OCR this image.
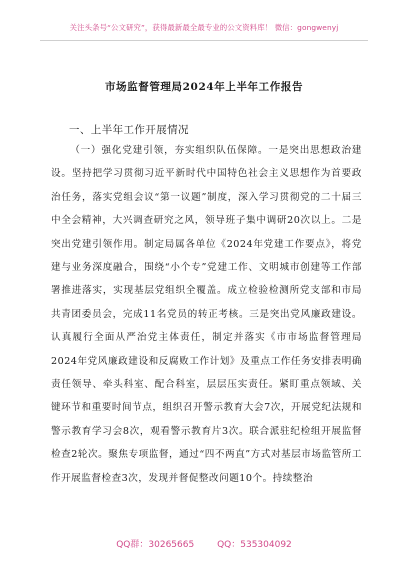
关注头条号“公文研究”，获得最新最全最专业的公文资料库！ 微信：gongwenyj
市场监督管理局2024年上半年工作报告
一、上半年工作开展情况
（一）强化党建引领，夯实组织队伍保障。一是突出思想政治建设。坚持把学习贯彻习近平新时代中国特色社会主义思想作为首要政治任务，落实党组会议“第一议题”制度，深入学习贯彻党的二十届三中全会精神，大兴调查研究之风，领导班子集中调研20次以上。二是突出党建引领作用。制定局属各单位《2024年党建工作要点》，将党建与业务深度融合，围绕“小个专”党建工作、文明城市创建等工作部署推进落实，实现基层党组织全覆盖。成立检验检测所党支部和市局共青团委员会，完成11名党员的转正考核。三是突出党风廉政建设。认真履行全面从严治党主体责任，制定并落实《市市场监督管理局2024年党风廉政建设和反腐败工作计划》及重点工作任务安排表明确责任领导、牵头科室、配合科室，层层压实责任。紧盯重点领域、关键环节和重要时间节点，组织召开警示教育大会7次，开展党纪法规和警示教育学习会8次，观看警示教育片3次。联合派驻纪检组开展监督检查2轮次。聚焦专项监督，通过“四不两直”方式对基层市场监管所工作开展监督检查3次，发现并督促整改问题10个。持续整治
QQ群：30265665	QQ：535304092
